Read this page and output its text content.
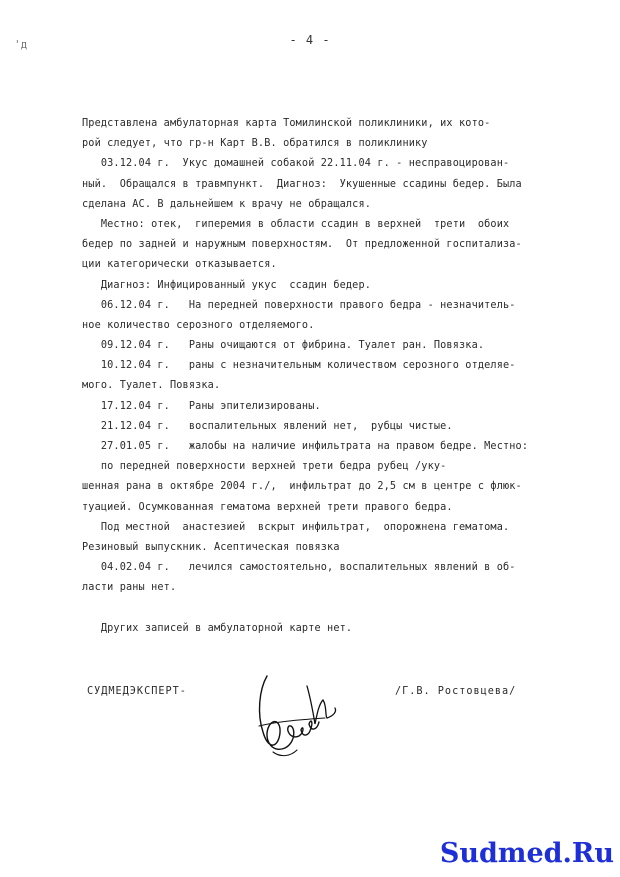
'д	- 4 -
Представлена амбулаторная карта Томилинской поликлиники, их кото-
рой следует, что гр-н Карт В.В. обратился в поликлинику
03.12.04 г.  Укус домашней собакой 22.11.04 г. - несправоцирован-
ный.  Обращался в травмпункт.  Диагноз:  Укушенные ссадины бедер. Была
сделана АС. В дальнейшем к врачу не обращался.
Местно: отек,  гиперемия в области ссадин в верхней  трети  обоих
бедер по задней и наружным поверхностям.  От предложенной госпитализа-
ции категорически отказывается.
Диагноз: Инфицированный укус  ссадин бедер.
06.12.04 г.   На передней поверхности правого бедра - незначитель-
ное количество серозного отделяемого.
09.12.04 г.   Раны очищаются от фибрина. Туалет ран. Повязка.
10.12.04 г.   раны с незначительным количеством серозного отделяе-
мого. Туалет. Повязка.
17.12.04 г.   Раны эпителизированы.
21.12.04 г.   воспалительных явлений нет,  рубцы чистые.
27.01.05 г.   жалобы на наличие инфильтрата на правом бедре. Местно:
по передней поверхности верхней трети бедра рубец /уку-
шенная рана в октябре 2004 г./,  инфильтрат до 2,5 см в центре с флюк-
туацией. Осумкованная гематома верхней трети правого бедра.
Под местной  анастезией  вскрыт инфильтрат,  опорожнена гематома.
Резиновый выпускник. Асептическая повязка
04.02.04 г.   лечился самостоятельно, воспалительных явлений в об-
ласти раны нет.
Других записей в амбулаторной карте нет.
СУДМЕДЭКСПЕРТ-	/Г.В. Ростовцева/
Sudmed.Ru
